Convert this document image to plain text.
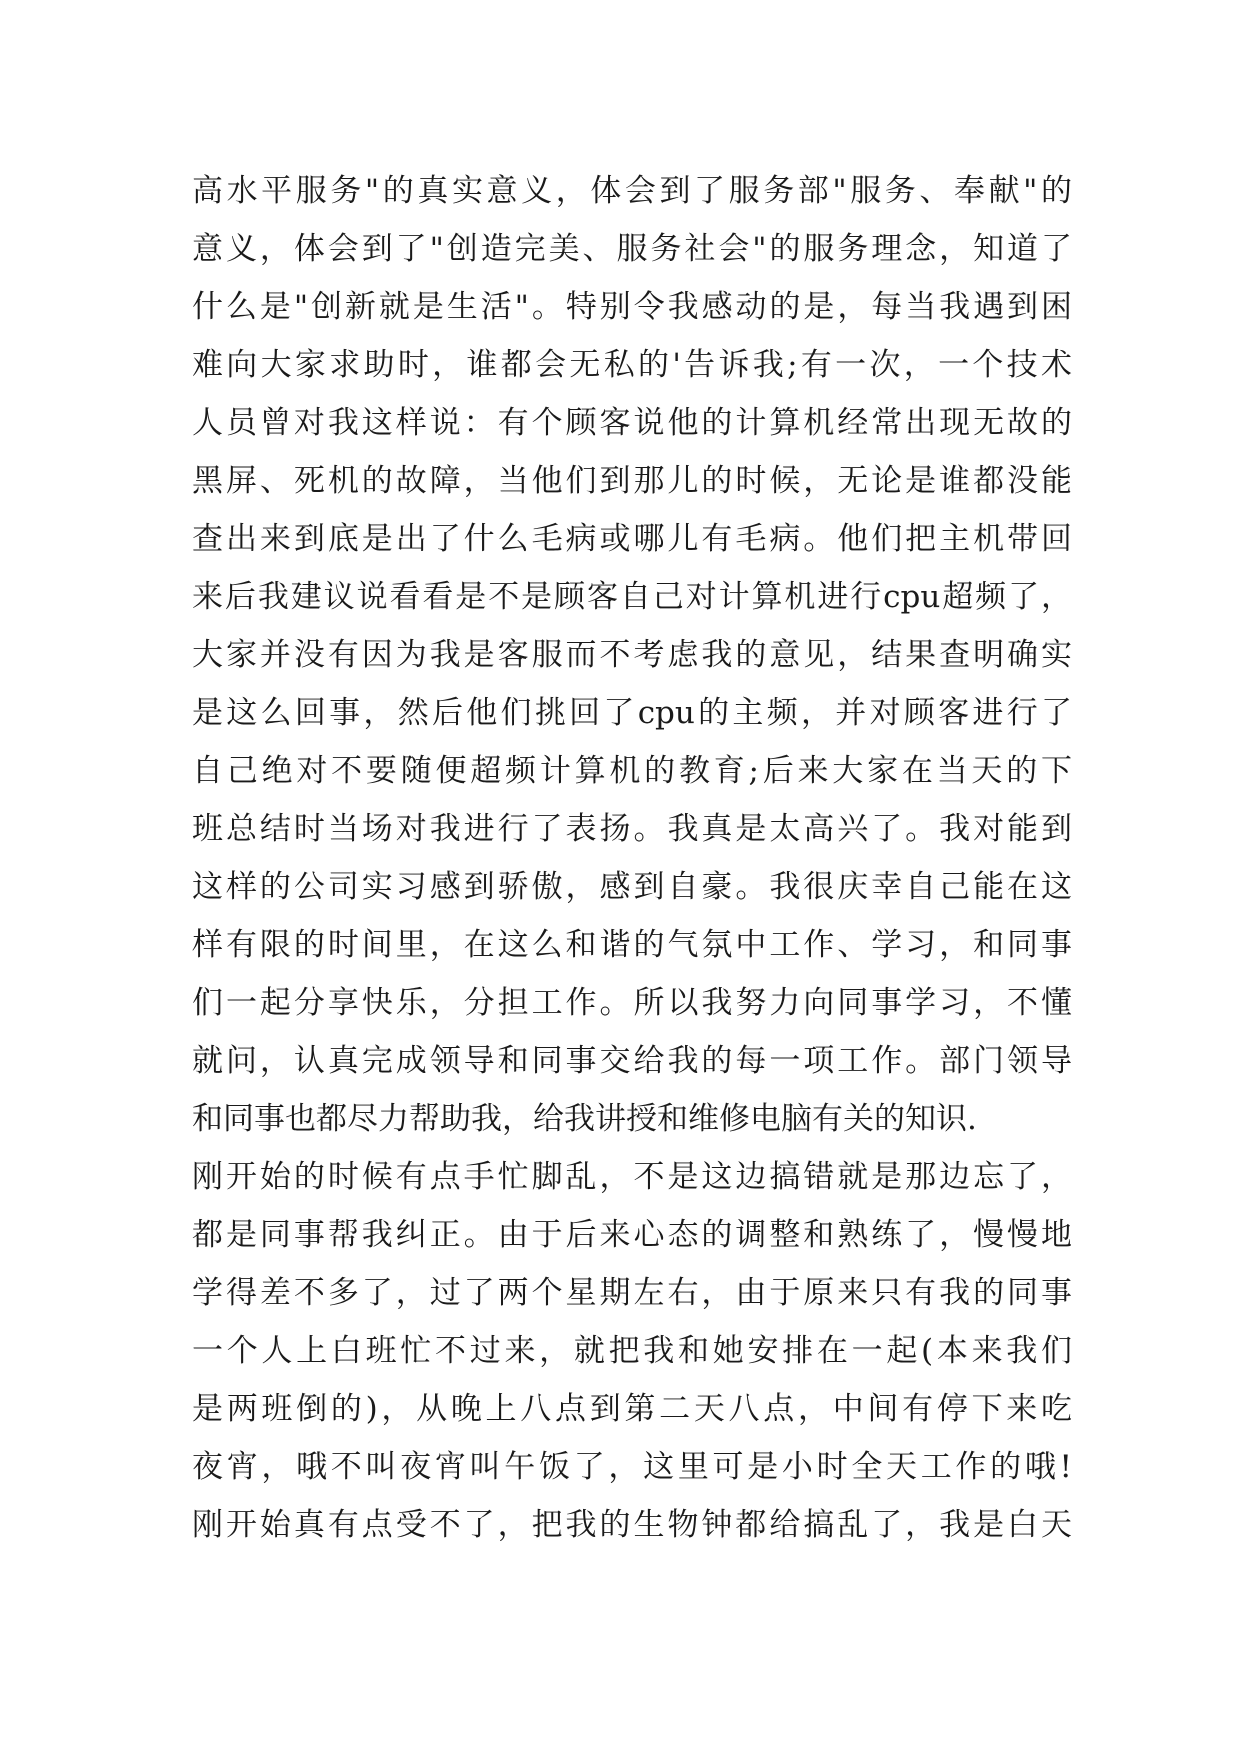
高水平服务"的真实意义，体会到了服务部"服务、奉献"的
意义，体会到了"创造完美、服务社会"的服务理念，知道了
什么是"创新就是生活"。特别令我感动的是，每当我遇到困
难向大家求助时，谁都会无私的'告诉我;有一次，一个技术
人员曾对我这样说：有个顾客说他的计算机经常出现无故的
黑屏、死机的故障，当他们到那儿的时候，无论是谁都没能
查出来到底是出了什么毛病或哪儿有毛病。他们把主机带回
来后我建议说看看是不是顾客自己对计算机进行cpu超频了，
大家并没有因为我是客服而不考虑我的意见，结果查明确实
是这么回事，然后他们挑回了cpu的主频，并对顾客进行了
自己绝对不要随便超频计算机的教育;后来大家在当天的下
班总结时当场对我进行了表扬。我真是太高兴了。我对能到
这样的公司实习感到骄傲，感到自豪。我很庆幸自己能在这
样有限的时间里，在这么和谐的气氛中工作、学习，和同事
们一起分享快乐，分担工作。所以我努力向同事学习，不懂
就问，认真完成领导和同事交给我的每一项工作。部门领导
和同事也都尽力帮助我，给我讲授和维修电脑有关的知识.
刚开始的时候有点手忙脚乱，不是这边搞错就是那边忘了，
都是同事帮我纠正。由于后来心态的调整和熟练了，慢慢地
学得差不多了，过了两个星期左右，由于原来只有我的同事
一个人上白班忙不过来，就把我和她安排在一起(本来我们
是两班倒的)，从晚上八点到第二天八点，中间有停下来吃
夜宵，哦不叫夜宵叫午饭了，这里可是小时全天工作的哦!
刚开始真有点受不了，把我的生物钟都给搞乱了，我是白天
